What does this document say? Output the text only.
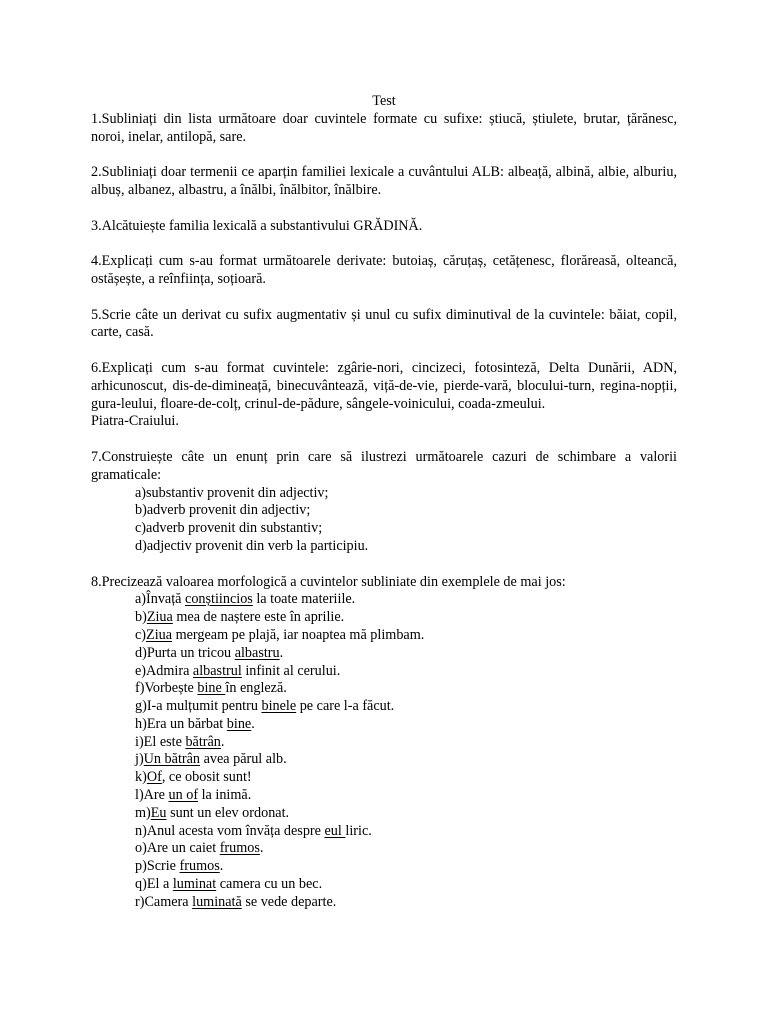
Test

1.Subliniați din lista următoare doar cuvintele formate cu sufixe: știucă, știulete, brutar, țărănesc, noroi, inelar, antilopă, sare.

2.Subliniați doar termenii ce aparțin familiei lexicale a cuvântului ALB: albeață, albină, albie, alburiu, albuș, albanez, albastru, a înălbi, înălbitor, înălbire.

3.Alcătuiește familia lexicală a substantivului GRĂDINĂ.

4.Explicați cum s-au format următoarele derivate: butoiaș, căruțaș, cetățenesc, florăreasă, olteancă, ostășește, a reînființa, soțioară.

5.Scrie câte un derivat cu sufix augmentativ și unul cu sufix diminutival de la cuvintele: băiat, copil, carte, casă.

6.Explicați cum s-au format cuvintele: zgârie-nori, cincizeci, fotosinteză, Delta Dunării, ADN, arhicunoscut, dis-de-dimineață, binecuvântează, viță-de-vie, pierde-vară, blocului-turn, regina-nopții, gura-leului, floare-de-colț, crinul-de-pădure, sângele-voinicului, coada-zmeului.

Piatra-Craiului.

7.Construiește câte un enunț prin care să ilustrezi următoarele cazuri de schimbare a valorii gramaticale:

a)substantiv provenit din adjectiv;
b)adverb provenit din adjectiv;
c)adverb provenit din substantiv;
d)adjectiv provenit din verb la participiu.

8.Precizează valoarea morfologică a cuvintelor subliniate din exemplele de mai jos:

a)Învață conștiincios la toate materiile.
b)Ziua mea de naștere este în aprilie.
c)Ziua mergeam pe plajă, iar noaptea mă plimbam.
d)Purta un tricou albastru.
e)Admira albastrul infinit al cerului.
f)Vorbește bine în engleză.
g)I-a mulțumit pentru binele pe care l-a făcut.
h)Era un bărbat bine.
i)El este bătrân.
j)Un bătrân avea părul alb.
k)Of, ce obosit sunt!
l)Are un of la inimă.
m)Eu sunt un elev ordonat.
n)Anul acesta vom învăța despre eul liric.
o)Are un caiet frumos.
p)Scrie frumos.
q)El a luminat camera cu un bec.
r)Camera luminată se vede departe.
